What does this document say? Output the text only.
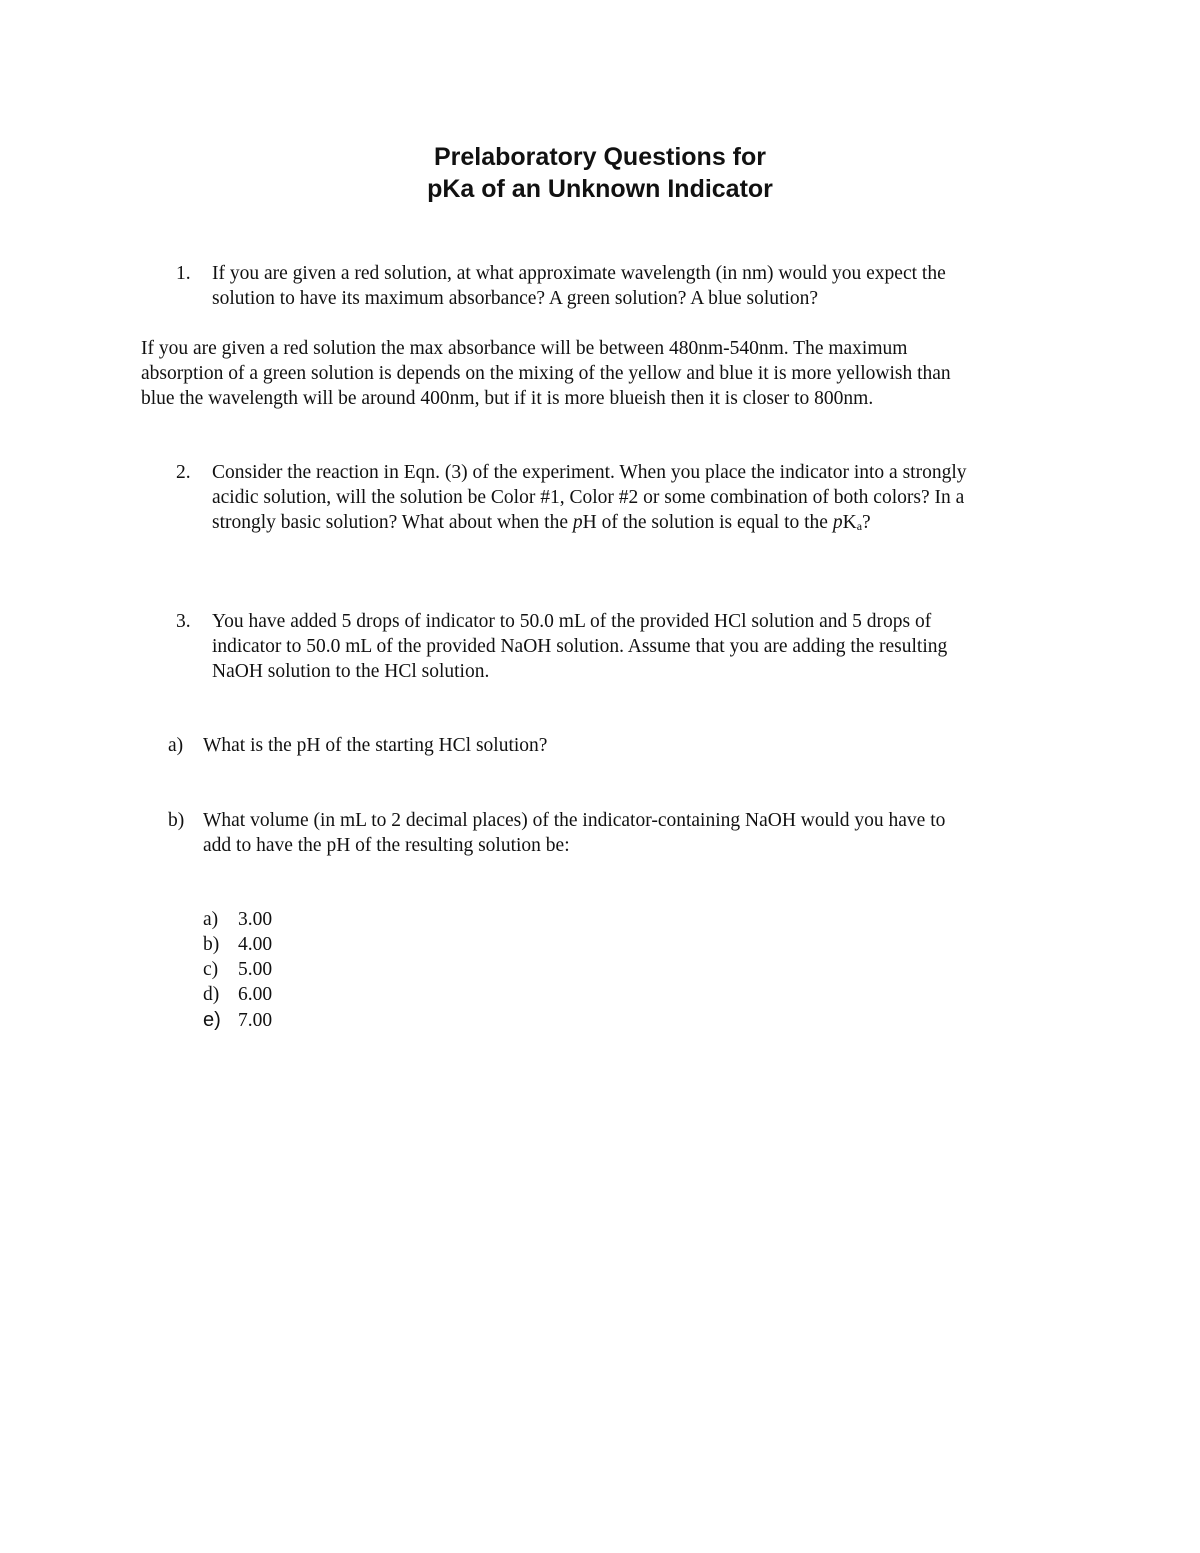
Prelaboratory Questions for
pKa of an Unknown Indicator
1. If you are given a red solution, at what approximate wavelength (in nm) would you expect the
solution to have its maximum absorbance? A green solution? A blue solution?
If you are given a red solution the max absorbance will be between 480nm-540nm. The maximum
absorption of a green solution is depends on the mixing of the yellow and blue it is more yellowish than
blue the wavelength will be around 400nm, but if it is more blueish then it is closer to 800nm.
2. Consider the reaction in Eqn. (3) of the experiment. When you place the indicator into a strongly
acidic solution, will the solution be Color #1, Color #2 or some combination of both colors? In a
strongly basic solution? What about when the pH of the solution is equal to the pKa?
3. You have added 5 drops of indicator to 50.0 mL of the provided HCl solution and 5 drops of
indicator to 50.0 mL of the provided NaOH solution. Assume that you are adding the resulting
NaOH solution to the HCl solution.
a) What is the pH of the starting HCl solution?
b) What volume (in mL to 2 decimal places) of the indicator-containing NaOH would you have to
add to have the pH of the resulting solution be:
a) 3.00
b) 4.00
c) 5.00
d) 6.00
e) 7.00
